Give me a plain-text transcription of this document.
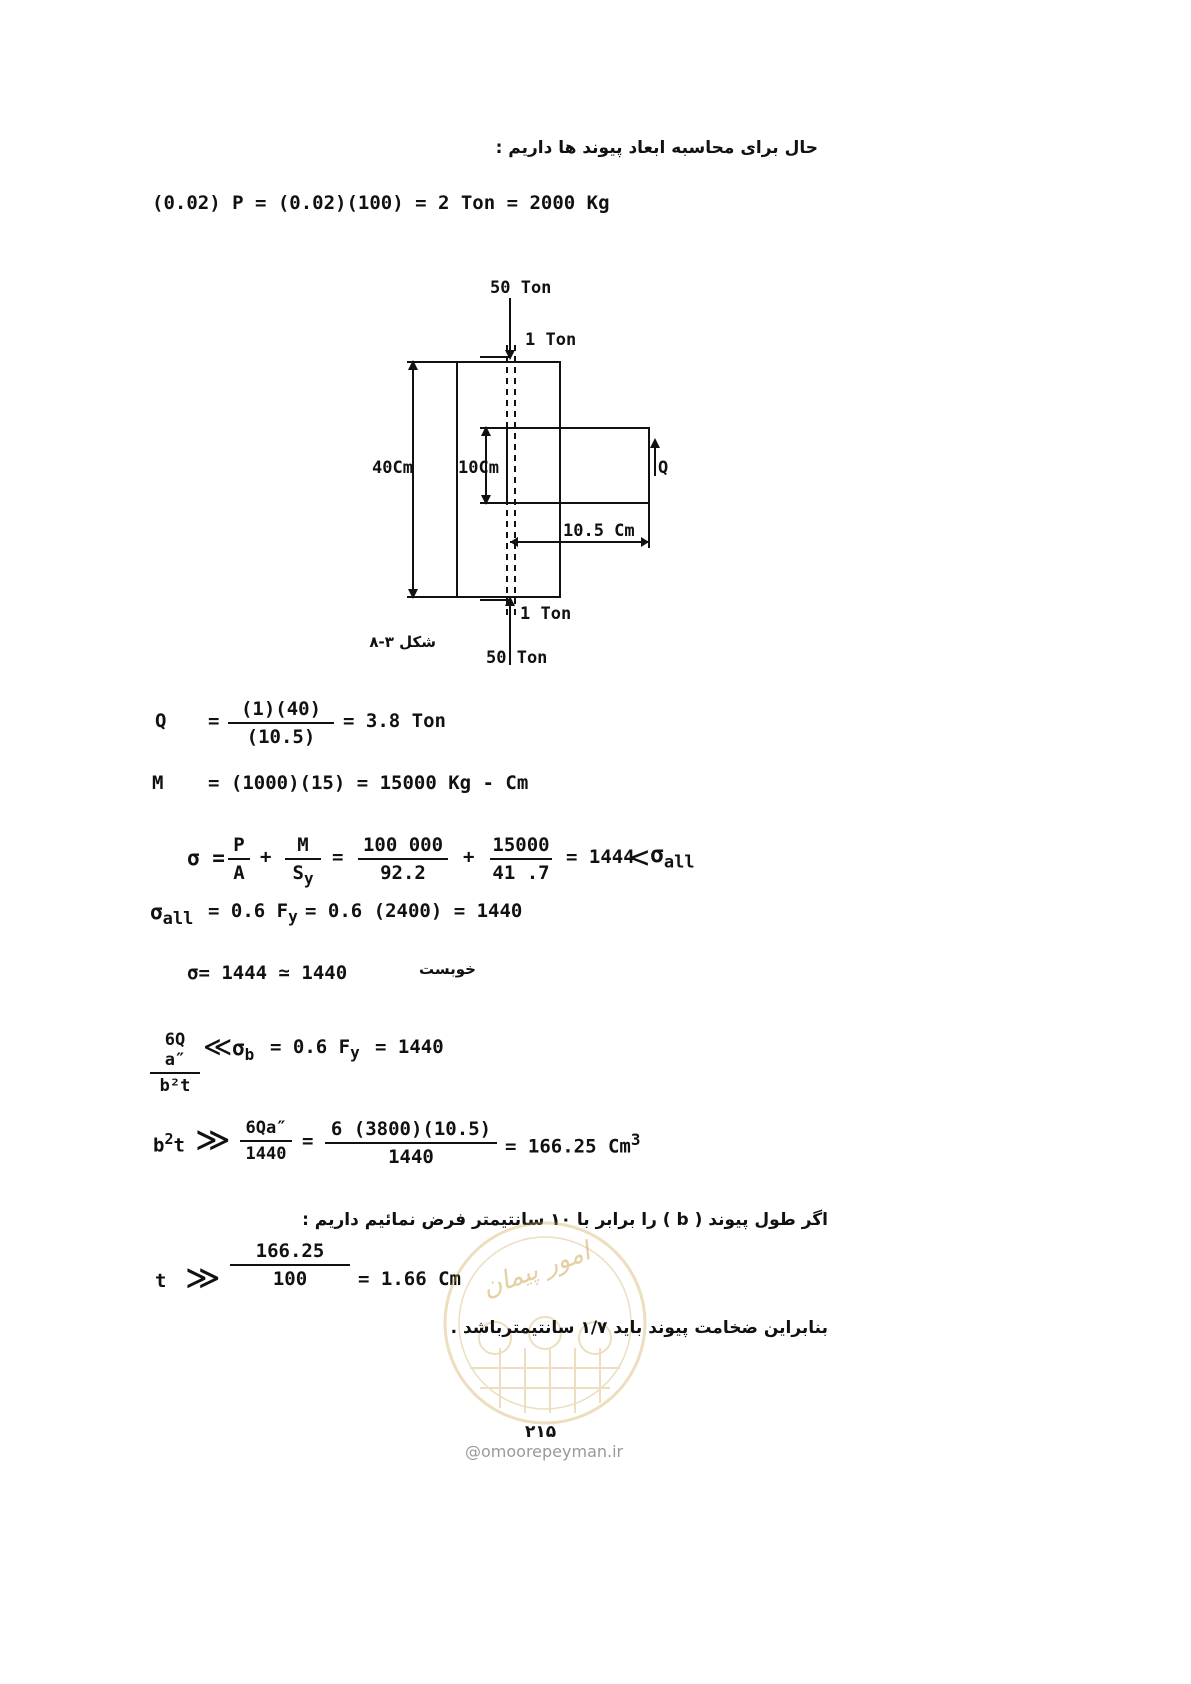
حال برای محاسبه ابعاد پیوند ها داریم :
(0.02) P = (0.02)(100) = 2 Ton = 2000 Kg
50 Ton
1 Ton
40Cm	10Cm	Q
10.5 Cm
1 Ton
شکل ۳-۸
50 Ton
Q =
(1)(40)
(10.5)
= 3.8 Ton
M = (1000)(15) = 15000 Kg - Cm
σ =
P
A
+
M
$S_y$
=
100 000
92.2
+
15000
41 .7
= 1444
< $\sigma_{all}$
$\sigma_{all} = 0.6$ $F_y = 0.6$ (2400) = 1440
σ= 1444 ≃ 1440	خوبست
6Q a″
b²t
≪ $\sigma_b = 0.6$ $F_y = 1440$
$b^2t$ ≫ 6Qa″
1440
=
6 (3800)(10.5)
1440	= 166.25 Cm$^3$
اگر طول پیوند ( b ) را برابر با ۱۰ سانتیمتر فرض نمائیم داریم :
t ≫
166.25
100	= 1.66 Cm امور پیمان
بنابراین ضخامت پیوند باید ۱/۷ سانتیمترباشد .
۲۱۵
@omoorepeyman.ir
